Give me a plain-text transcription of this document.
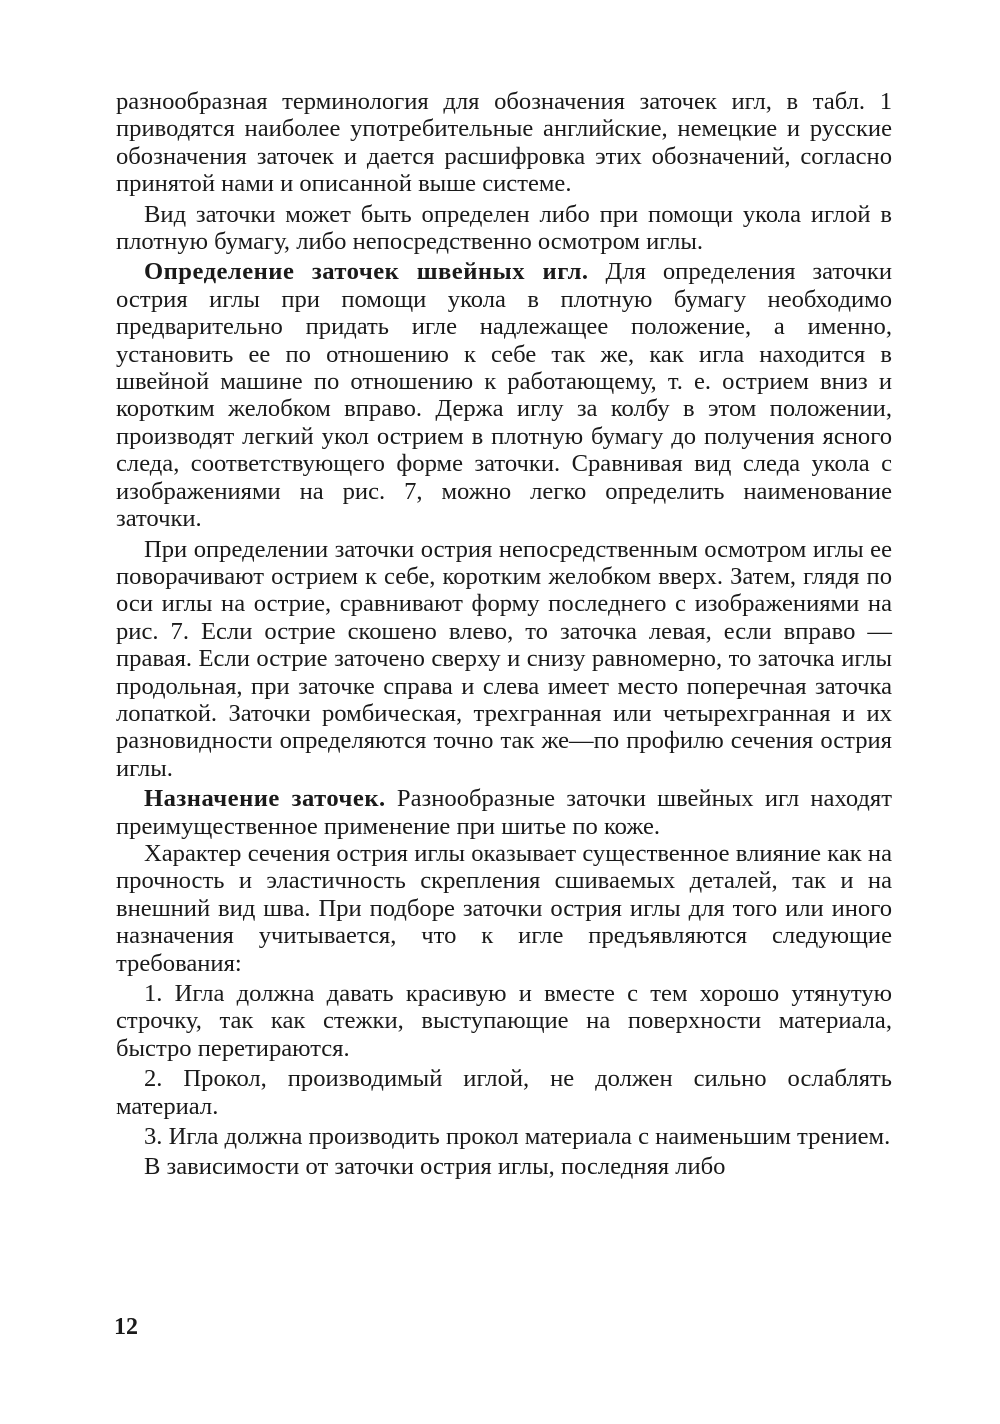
разнообразная терминология для обозначения заточек игл, в табл. 1 приводятся наиболее употребительные английские, немецкие и русские обозначения заточек и дается расшифровка этих обозначений, согласно принятой нами и описанной выше системе.

Вид заточки может быть определен либо при помощи укола иглой в плотную бумагу, либо непосредственно осмотром иглы.

Определение заточек швейных игл. Для определения заточки острия иглы при помощи укола в плотную бумагу необходимо предварительно придать игле надлежащее положение, а именно, установить ее по отношению к себе так же, как игла находится в швейной машине по отношению к работающему, т. е. острием вниз и коротким желобком вправо. Держа иглу за колбу в этом положении, производят легкий укол острием в плотную бумагу до получения ясного следа, соответствующего форме заточки. Сравнивая вид следа укола с изображениями на рис. 7, можно легко определить наименование заточки.

При определении заточки острия непосредственным осмотром иглы ее поворачивают острием к себе, коротким желобком вверх. Затем, глядя по оси иглы на острие, сравнивают форму последнего с изображениями на рис. 7. Если острие скошено влево, то заточка левая, если вправо — правая. Если острие заточено сверху и снизу равномерно, то заточка иглы продольная, при заточке справа и слева имеет место поперечная заточка лопаткой. Заточки ромбическая, трехгранная или четырехгранная и их разновидности определяются точно так же—по профилю сечения острия иглы.

Назначение заточек. Разнообразные заточки швейных игл находят преимущественное применение при шитье по коже.

Характер сечения острия иглы оказывает существенное влияние как на прочность и эластичность скрепления сшиваемых деталей, так и на внешний вид шва. При подборе заточки острия иглы для того или иного назначения учитывается, что к игле предъявляются следующие требования:

1. Игла должна давать красивую и вместе с тем хорошо утянутую строчку, так как стежки, выступающие на поверхности материала, быстро перетираются.

2. Прокол, производимый иглой, не должен сильно ослаблять материал.

3. Игла должна производить прокол материала с наименьшим трением.

В зависимости от заточки острия иглы, последняя либо

12
